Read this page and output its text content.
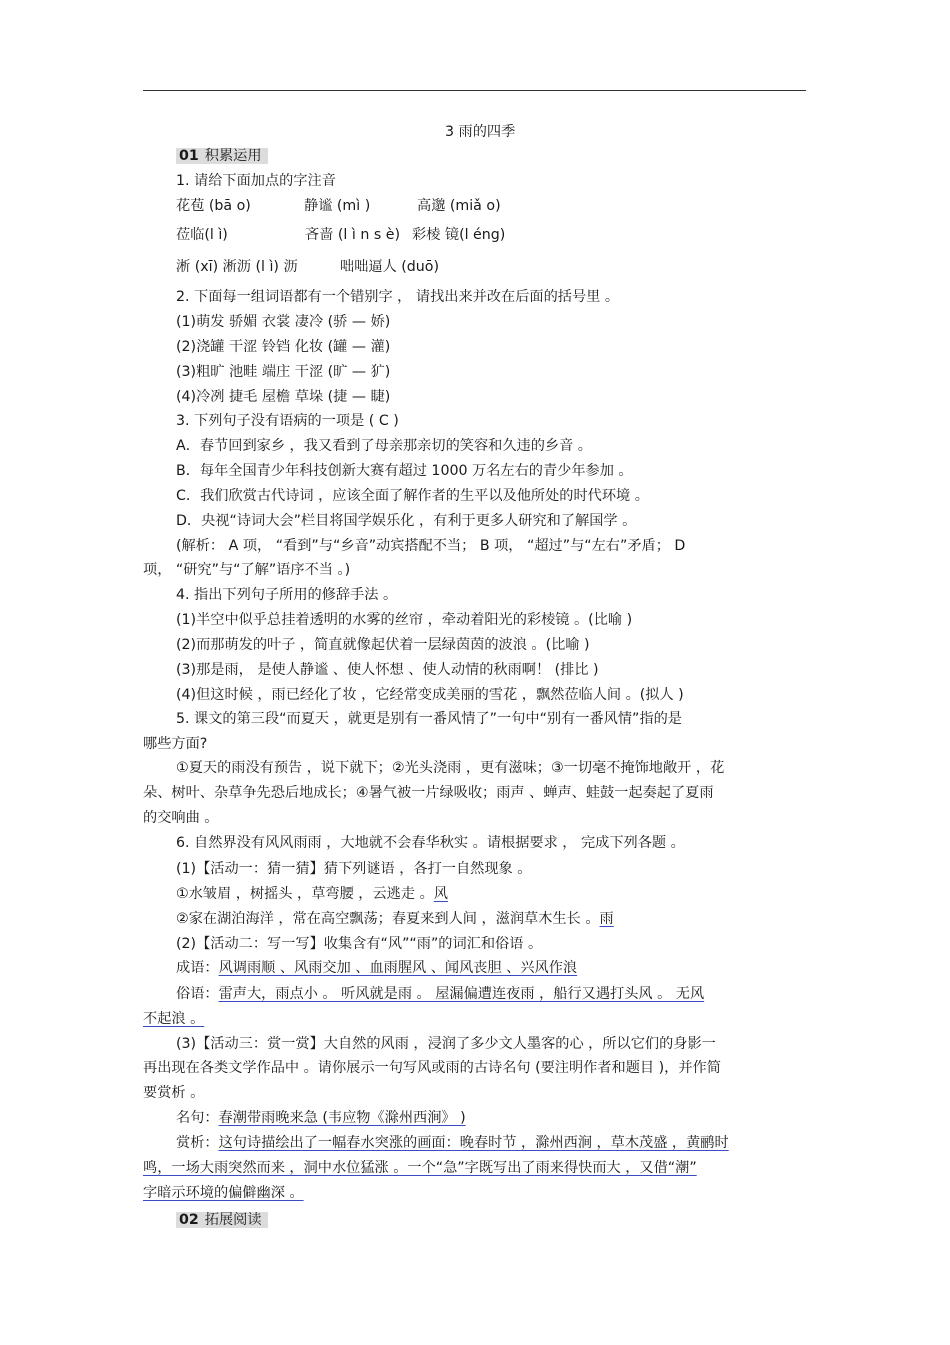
3 雨的四季
01 积累运用
1. 请给下面加点的字注音
花苞 (bā o)	静谧 (mì )	高邈 (miǎ o)
莅临(l ì)	吝啬 (l ì n s è) 彩棱 镜(l éng)
淅 (xī) 淅沥 (l ì) 沥	咄咄逼人 (duō)
2. 下面每一组词语都有一个错别字 ， 请找出来并改在后面的括号里 。
(1)萌发 骄媚 衣裳 凄冷 (骄 — 娇)
(2)浇罐 干涩 铃铛 化妆 (罐 — 灌)
(3)粗旷 池畦 端庄 干涩 (旷 — 犷)
(4)冷冽 捷毛 屋檐 草垛 (捷 — 睫)
3. 下列句子没有语病的一项是 ( C )
A．春节回到家乡 ，我又看到了母亲那亲切的笑容和久违的乡音 。
B．每年全国青少年科技创新大赛有超过 1000 万名左右的青少年参加 。
C．我们欣赏古代诗词 ，应该全面了解作者的生平以及他所处的时代环境 。
D．央视“诗词大会”栏目将国学娱乐化 ，有利于更多人研究和了解国学 。
(解析： A 项， “看到”与“乡音”动宾搭配不当； B 项， “超过”与“左右”矛盾； D
项， “研究”与“了解”语序不当 。)
4. 指出下列句子所用的修辞手法 。
(1)半空中似乎总挂着透明的水雾的丝帘 ，牵动着阳光的彩棱镜 。(比喻 )
(2)而那萌发的叶子 ，简直就像起伏着一层绿茵茵的波浪 。(比喻 )
(3)那是雨， 是使人静谧 、使人怀想 、使人动情的秋雨啊！ (排比 )
(4)但这时候 ，雨已经化了妆 ，它经常变成美丽的雪花 ，飘然莅临人间 。(拟人 )
5. 课文的第三段“而夏天 ，就更是别有一番风情了”一句中“别有一番风情”指的是
哪些方面?
①夏天的雨没有预告 ，说下就下；②光头浇雨 ，更有滋味；③一切毫不掩饰地敞开 ，花
朵、树叶、杂草争先恐后地成长；④暑气被一片绿吸收；雨声 、蝉声、蛙鼓一起奏起了夏雨
的交响曲 。
6. 自然界没有风风雨雨 ，大地就不会春华秋实 。请根据要求 ， 完成下列各题 。
(1)【活动一：猜一猜】猜下列谜语 ，各打一自然现象 。
①水皱眉 ，树摇头 ，草弯腰 ，云逃走 。风
②家在湖泊海洋 ，常在高空飘荡；春夏来到人间 ，滋润草木生长 。雨
(2)【活动二：写一写】收集含有“风”“雨”的词汇和俗语 。
成语：风调雨顺 、风雨交加 、血雨腥风 、闻风丧胆 、兴风作浪
俗语：雷声大，雨点小 。 听风就是雨 。 屋漏偏遭连夜雨 ，船行又遇打头风 。 无风
不起浪 。
(3)【活动三：赏一赏】大自然的风雨 ，浸润了多少文人墨客的心 ，所以它们的身影一
再出现在各类文学作品中 。请你展示一句写风或雨的古诗名句 (要注明作者和题目 )，并作简
要赏析 。
名句：春潮带雨晚来急 (韦应物《滁州西涧》 )
赏析：这句诗描绘出了一幅春水突涨的画面：晚春时节 ，滁州西涧 ，草木茂盛 ，黄鹂时
鸣，一场大雨突然而来 ，洞中水位猛涨 。一个“急”字既写出了雨来得快而大 ，又借“潮”
字暗示环境的偏僻幽深 。
02 拓展阅读
